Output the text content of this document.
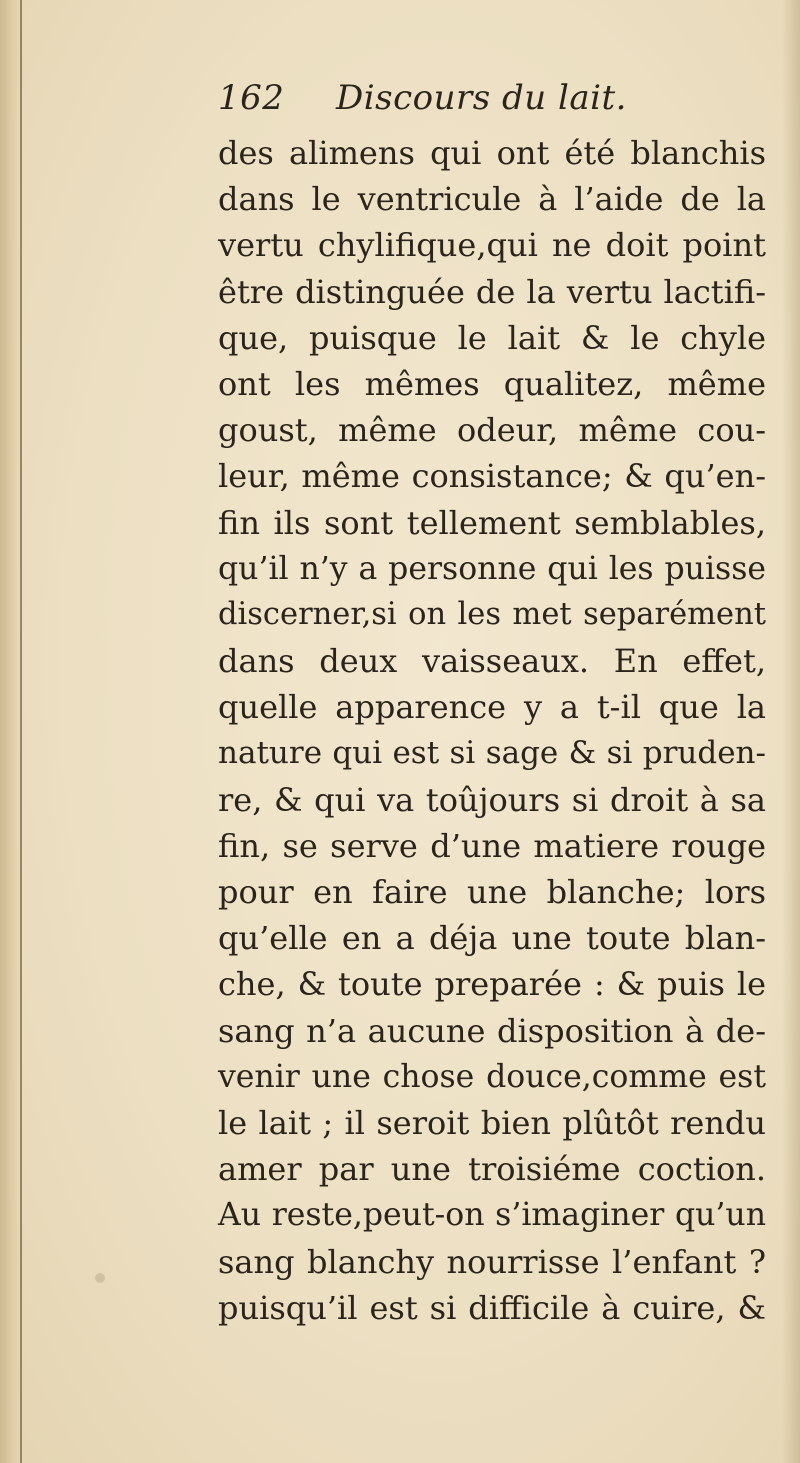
162	Discours du lait.
des alimens qui ont été blanchis
dans le ventricule à l’aide de la
vertu chylifique,qui ne doit point
être distinguée de la vertu lactifi-
que, puisque le lait & le chyle
ont les mêmes qualitez, même
goust, même odeur, même cou-
leur, même consistance; & qu’en-
fin ils sont tellement semblables,
qu’il n’y a personne qui les puisse
discerner,si on les met separément
dans deux vaisseaux. En effet,
quelle apparence y a t-il que la
nature qui est si sage & si pruden-
re, & qui va toûjours si droit à sa
fin, se serve d’une matiere rouge
pour en faire une blanche; lors
qu’elle en a déja une toute blan-
che, & toute preparée : & puis le
sang n’a aucune disposition à de-
venir une chose douce,comme est
le lait ; il seroit bien plûtôt rendu
amer par une troisiéme coction.
Au reste,peut-on s’imaginer qu’un
sang blanchy nourrisse l’enfant ?
puisqu’il est si difficile à cuire, &
